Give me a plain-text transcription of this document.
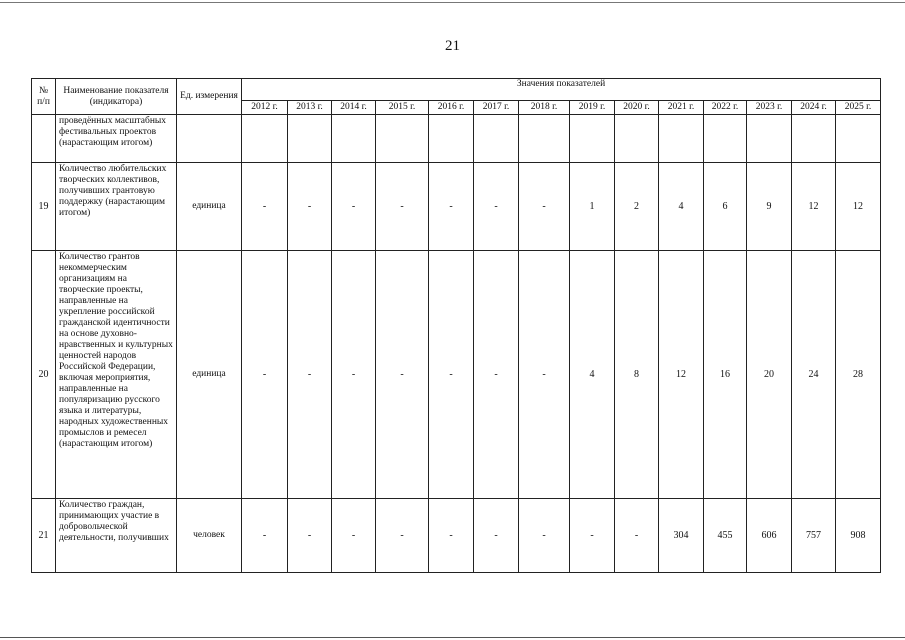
21
№ п/п	Наименование показателя (индикатора)	Ед. измерения	Значения показателей													
			2012 г.	2013 г.	2014 г.	2015 г.	2016 г.	2017 г.	2018 г.	2019 г.	2020 г.	2021 г.	2022 г.	2023 г.	2024 г.	2025 г.
	проведённых масштабных фестивальных проектов (нарастающим итогом)															
19	Количество любительских творческих коллективов, получивших грантовую поддержку (нарастающим итогом)	единица	-	-	-	-	-	-	-	1	2	4	6	9	12	12
20	Количество грантов некоммерческим организациям на творческие проекты, направленные на укрепление российской гражданской идентичности на основе духовно-нравственных и культурных ценностей народов Российской Федерации, включая мероприятия, направленные на популяризацию русского языка и литературы, народных художественных промыслов и ремесел (нарастающим итогом)	единица	-	-	-	-	-	-	-	4	8	12	16	20	24	28
21	Количество граждан, принимающих участие в добровольческой деятельности, получивших	человек	-	-	-	-	-	-	-	-	-	304	455	606	757	908
